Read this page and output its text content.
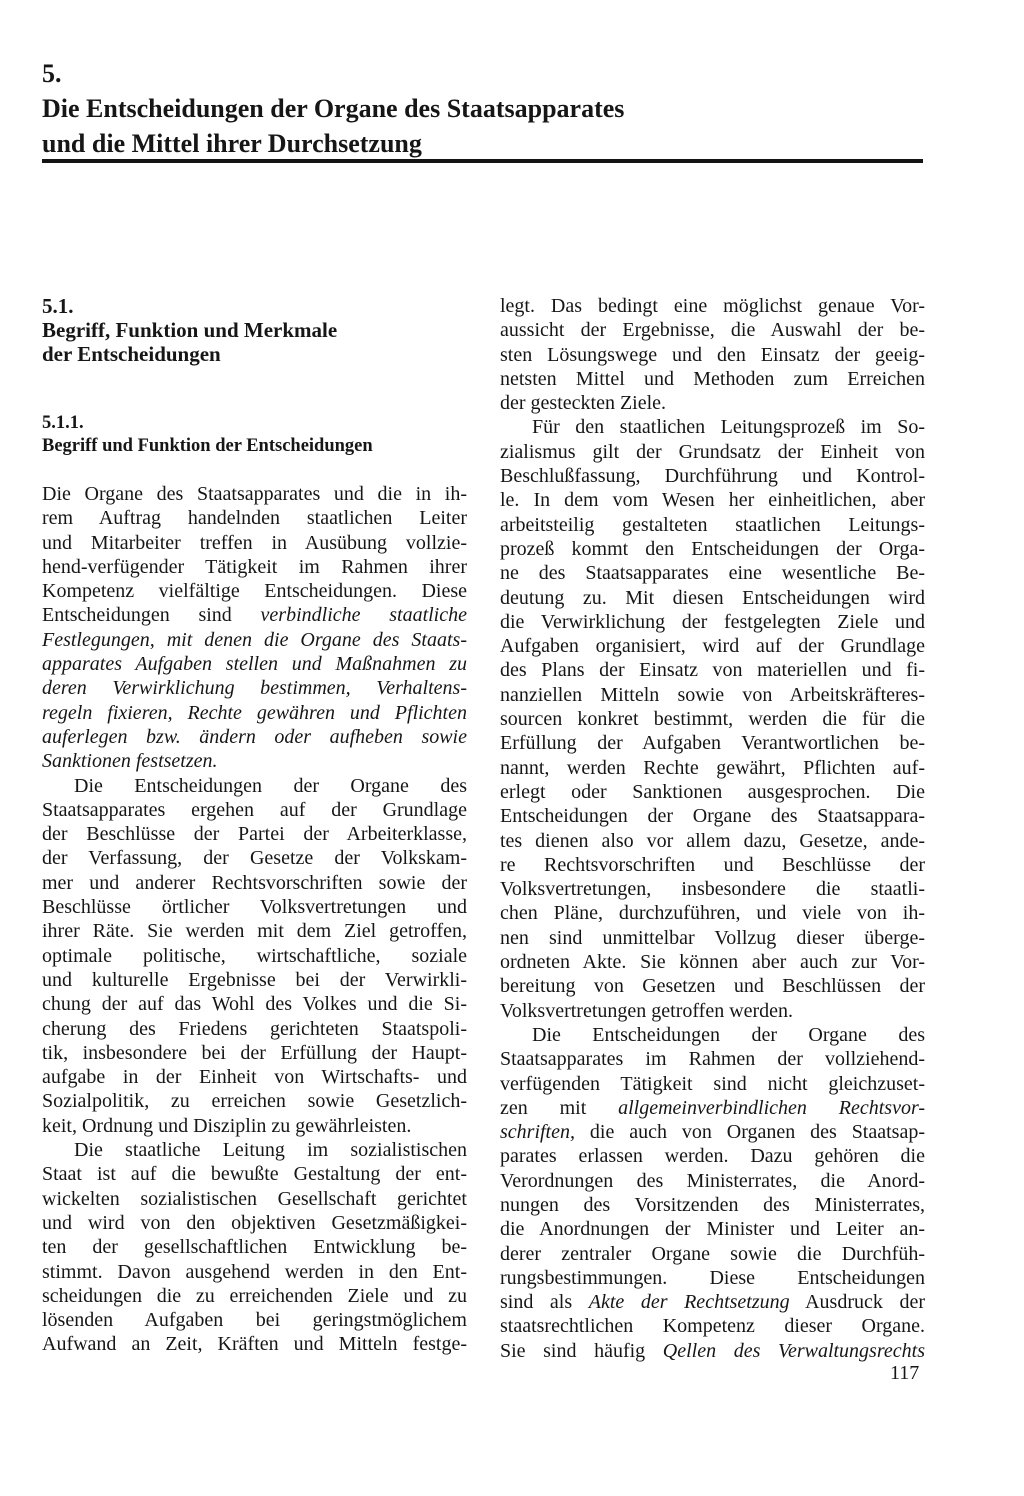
5.
Die Entscheidungen der Organe des Staatsapparates
und die Mittel ihrer Durchsetzung
5.1.
Begriff, Funktion und Merkmale
der Entscheidungen
5.1.1.
Begriff und Funktion der Entscheidungen
Die Organe des Staatsapparates und die in ih-
rem Auftrag handelnden staatlichen Leiter
und Mitarbeiter treffen in Ausübung vollzie-
hend-verfügender Tätigkeit im Rahmen ihrer
Kompetenz vielfältige Entscheidungen. Diese
Entscheidungen sind verbindliche staatliche
Festlegungen, mit denen die Organe des Staats-
apparates Aufgaben stellen und Maßnahmen zu
deren Verwirklichung bestimmen, Verhaltens-
regeln fixieren, Rechte gewähren und Pflichten
auferlegen bzw. ändern oder aufheben sowie
Sanktionen festsetzen.
Die Entscheidungen der Organe des
Staatsapparates ergehen auf der Grundlage
der Beschlüsse der Partei der Arbeiterklasse,
der Verfassung, der Gesetze der Volkskam-
mer und anderer Rechtsvorschriften sowie der
Beschlüsse örtlicher Volksvertretungen und
ihrer Räte. Sie werden mit dem Ziel getroffen,
optimale politische, wirtschaftliche, soziale
und kulturelle Ergebnisse bei der Verwirkli-
chung der auf das Wohl des Volkes und die Si-
cherung des Friedens gerichteten Staatspoli-
tik, insbesondere bei der Erfüllung der Haupt-
aufgabe in der Einheit von Wirtschafts- und
Sozialpolitik, zu erreichen sowie Gesetzlich-
keit, Ordnung und Disziplin zu gewährleisten.
Die staatliche Leitung im sozialistischen
Staat ist auf die bewußte Gestaltung der ent-
wickelten sozialistischen Gesellschaft gerichtet
und wird von den objektiven Gesetzmäßigkei-
ten der gesellschaftlichen Entwicklung be-
stimmt. Davon ausgehend werden in den Ent-
scheidungen die zu erreichenden Ziele und zu
lösenden Aufgaben bei geringstmöglichem
Aufwand an Zeit, Kräften und Mitteln festge-
legt. Das bedingt eine möglichst genaue Vor-
aussicht der Ergebnisse, die Auswahl der be-
sten Lösungswege und den Einsatz der geeig-
netsten Mittel und Methoden zum Erreichen
der gesteckten Ziele.
Für den staatlichen Leitungsprozeß im So-
zialismus gilt der Grundsatz der Einheit von
Beschlußfassung, Durchführung und Kontrol-
le. In dem vom Wesen her einheitlichen, aber
arbeitsteilig gestalteten staatlichen Leitungs-
prozeß kommt den Entscheidungen der Orga-
ne des Staatsapparates eine wesentliche Be-
deutung zu. Mit diesen Entscheidungen wird
die Verwirklichung der festgelegten Ziele und
Aufgaben organisiert, wird auf der Grundlage
des Plans der Einsatz von materiellen und fi-
nanziellen Mitteln sowie von Arbeitskräfteres-
sourcen konkret bestimmt, werden die für die
Erfüllung der Aufgaben Verantwortlichen be-
nannt, werden Rechte gewährt, Pflichten auf-
erlegt oder Sanktionen ausgesprochen. Die
Entscheidungen der Organe des Staatsappara-
tes dienen also vor allem dazu, Gesetze, ande-
re Rechtsvorschriften und Beschlüsse der
Volksvertretungen, insbesondere die staatli-
chen Pläne, durchzuführen, und viele von ih-
nen sind unmittelbar Vollzug dieser überge-
ordneten Akte. Sie können aber auch zur Vor-
bereitung von Gesetzen und Beschlüssen der
Volksvertretungen getroffen werden.
Die Entscheidungen der Organe des
Staatsapparates im Rahmen der vollziehend-
verfügenden Tätigkeit sind nicht gleichzuset-
zen mit allgemeinverbindlichen Rechtsvor-
schriften, die auch von Organen des Staatsap-
parates erlassen werden. Dazu gehören die
Verordnungen des Ministerrates, die Anord-
nungen des Vorsitzenden des Ministerrates,
die Anordnungen der Minister und Leiter an-
derer zentraler Organe sowie die Durchfüh-
rungsbestimmungen. Diese Entscheidungen
sind als Akte der Rechtsetzung Ausdruck der
staatsrechtlichen Kompetenz dieser Organe.
Sie sind häufig Qellen des Verwaltungsrechts
117
